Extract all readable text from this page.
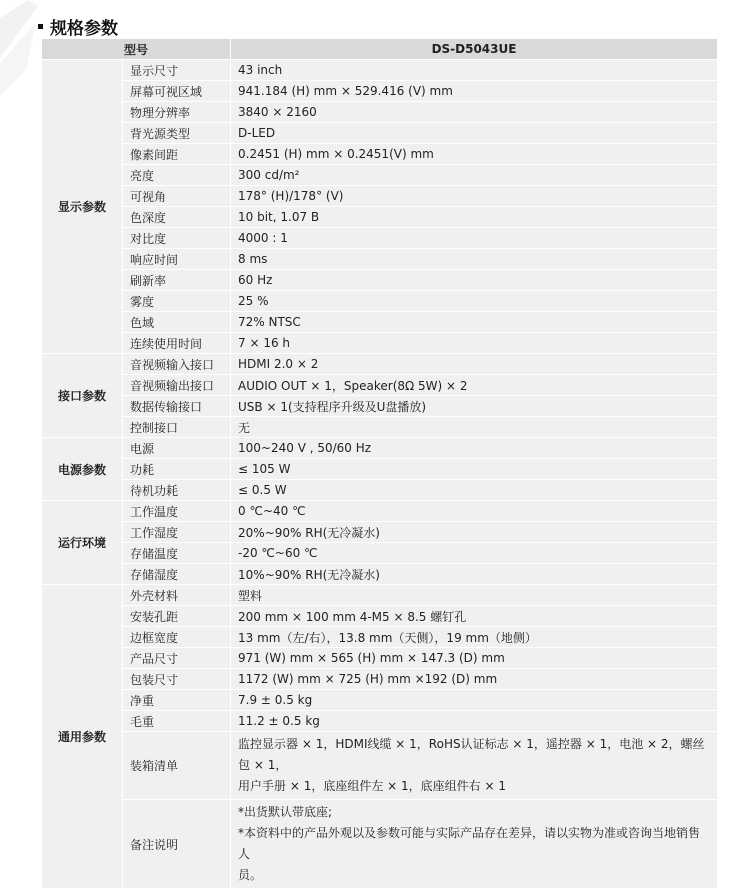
规格参数
型号		DS-D5043UE
显示参数	显示尺寸	43 inch
	屏幕可视区域	941.184 (H) mm × 529.416 (V) mm
	物理分辨率	3840 × 2160
	背光源类型	D-LED
	像素间距	0.2451 (H) mm × 0.2451(V) mm
	亮度	300 cd/m²
	可视角	178° (H)/178° (V)
	色深度	10 bit, 1.07 B
	对比度	4000 : 1
	响应时间	8 ms
	刷新率	60 Hz
	雾度	25 %
	色域	72% NTSC
	连续使用时间	7 × 16 h
接口参数	音视频输入接口	HDMI 2.0 × 2
	音视频输出接口	AUDIO OUT × 1，Speaker(8Ω 5W) × 2
	数据传输接口	USB × 1(支持程序升级及U盘播放)
	控制接口	无
电源参数	电源	100~240 V , 50/60 Hz
	功耗	≤ 105 W
	待机功耗	≤ 0.5 W
运行环境	工作温度	0 ℃~40 ℃
	工作湿度	20%~90% RH(无冷凝水)
	存储温度	-20 ℃~60 ℃
	存储湿度	10%~90% RH(无冷凝水)
通用参数	外壳材料	塑料
	安装孔距	200 mm × 100 mm 4-M5 × 8.5 螺钉孔
	边框宽度	13 mm（左/右），13.8 mm（天侧），19 mm（地侧）
	产品尺寸	971 (W) mm × 565 (H) mm × 147.3 (D) mm
	包装尺寸	1172 (W) mm × 725 (H) mm ×192 (D) mm
	净重	7.9 ± 0.5 kg
	毛重	11.2 ± 0.5 kg
	装箱清单	监控显示器 × 1，HDMI线缆 × 1，RoHS认证标志 × 1，遥控器 × 1，电池 × 2，螺丝包 × 1，
用户手册 × 1，底座组件左 × 1，底座组件右 × 1

	备注说明	*出货默认带底座;
*本资料中的产品外观以及参数可能与实际产品存在差异，请以实物为准或咨询当地销售人
员。
